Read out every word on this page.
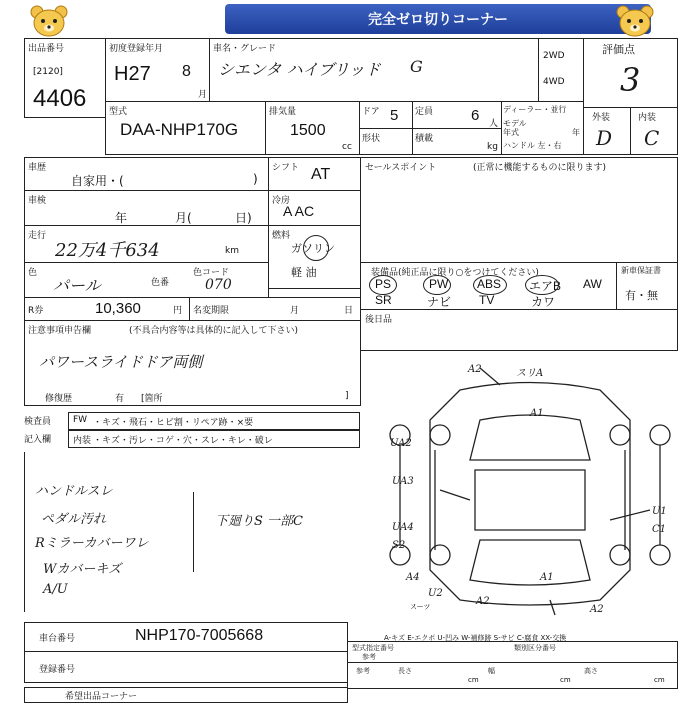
完全ゼロ切りコーナー
出品番号
[2120]
4406
初度登録年月
H27 8
月
車名・グレード
シエンタ ハイブリッド G
2WD
4WD
評価点
3
型式
DAA-NHP170G
排気量
1500
cc
ドア 5 定員	6 人
ディーラー・並行
モデル
年式	年
ハンドル 左・右
形状	積載
kg
外装	内装
D C
車歴
自家用・(	)
シフト AT
車検
年	月(	日)
冷房
A AC
走行
22万4千634	km
燃料
ガソリン
軽 油
色
パール	色番
色コード
070
R券	10,360	円 名変期限	月	日
セールスポイント	(正常に機能するものに限ります)
装備品(純正品に限り○をつけてください)
PS	PW ABS エアB AW
SR	ナビ TV	カワ
新車保証書
有・無
後日品
注意事項申告欄	(不具合内容等は具体的に記入して下さい)
パワースライドドア両側
修復歴	有 [箇所	]
検査員
記入欄
FW ・キズ・飛石・ヒビ割・リペア跡・×要
内装 ・キズ・汚レ・コゲ・穴・スレ・キレ・破レ
ハンドルスレ
ペダル汚れ
Rミラーカバーワレ
Wカバーキズ
A/U
下廻りS 一部C
A2	スリA
A1
UA2
UA3
UA4
S2
U1
C1
A4
U2
A1
A2
A2
スーツ
車台番号	NHP170-7005668
登録番号
希望出品コーナー
A-キズ E-エクボ U-凹み W-補修跡 S-サビ C-腐食 XX-交換
型式指定番号
参考
類別区分番号
参考	長さ	幅	高さ
cm	cm	cm
